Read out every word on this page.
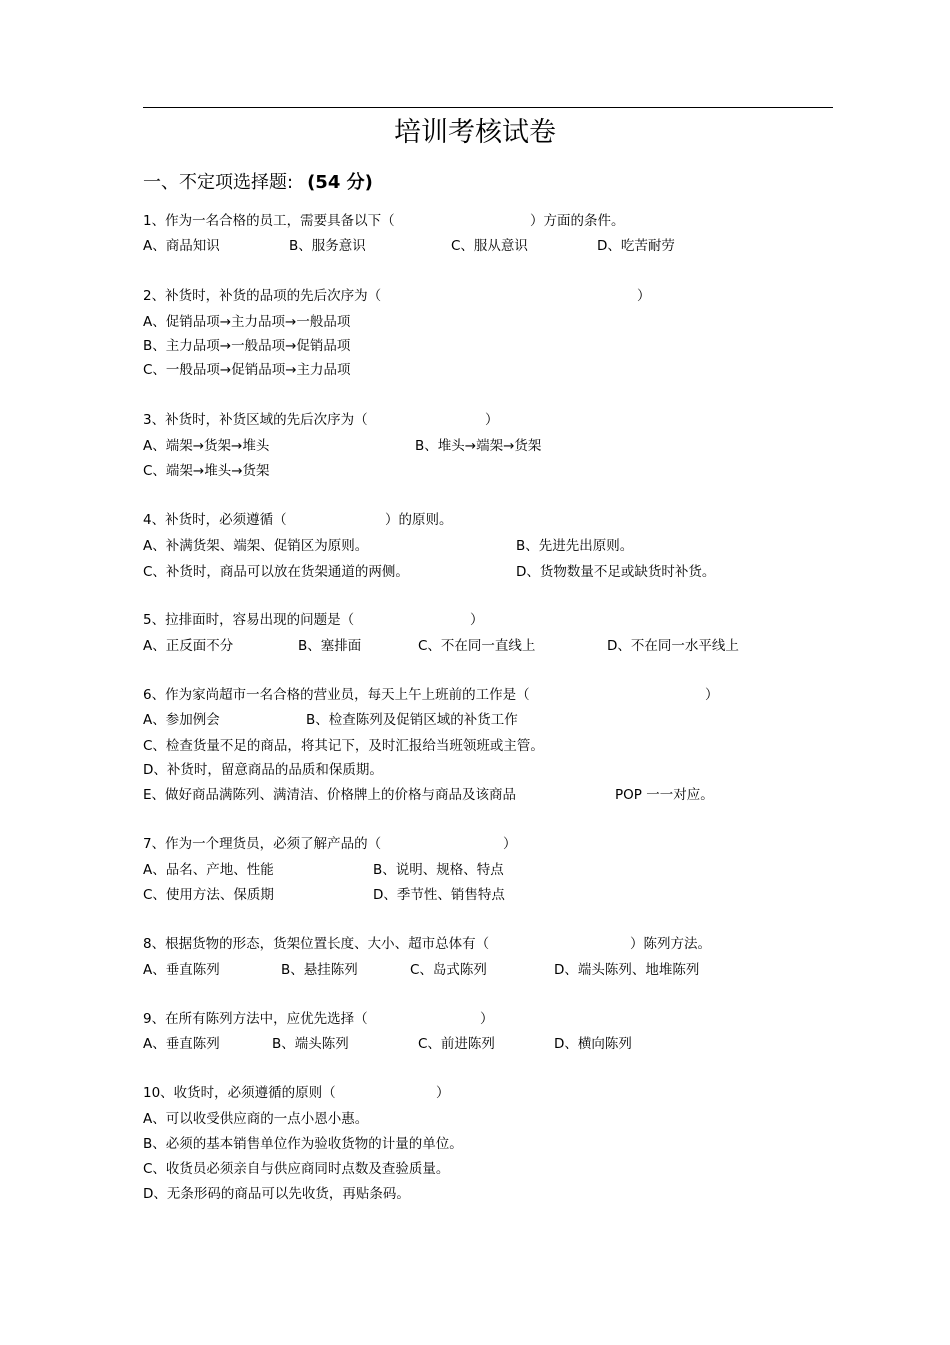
培训考核试卷
一、不定项选择题: (54 分)
1、作为一名合格的员工，需要具备以下（	）方面的条件。
A、商品知识	B、服务意识	C、服从意识	D、吃苦耐劳
2、补货时，补货的品项的先后次序为（	）
A、促销品项→主力品项→一般品项
B、主力品项→一般品项→促销品项
C、一般品项→促销品项→主力品项
3、补货时，补货区域的先后次序为（	）
A、端架→货架→堆头	B、堆头→端架→货架
C、端架→堆头→货架
4、补货时，必须遵循（	）的原则。
A、补满货架、端架、促销区为原则。	B、先进先出原则。
C、补货时，商品可以放在货架通道的两侧。	D、货物数量不足或缺货时补货。
5、拉排面时，容易出现的问题是（	）
A、正反面不分	B、塞排面	C、不在同一直线上	D、不在同一水平线上
6、作为家尚超市一名合格的营业员，每天上午上班前的工作是（	）
A、参加例会	B、检查陈列及促销区域的补货工作
C、检查货量不足的商品，将其记下，及时汇报给当班领班或主管。
D、补货时，留意商品的品质和保质期。
E、做好商品满陈列、满清洁、价格牌上的价格与商品及该商品	POP 一一对应。
7、作为一个理货员，必须了解产品的（	）
A、品名、产地、性能	B、说明、规格、特点
C、使用方法、保质期	D、季节性、销售特点
8、根据货物的形态，货架位置长度、大小、超市总体有（	）陈列方法。
A、垂直陈列	B、悬挂陈列	C、岛式陈列	D、端头陈列、地堆陈列
9、在所有陈列方法中，应优先选择（	）
A、垂直陈列	B、端头陈列	C、前进陈列	D、横向陈列
10、收货时，必须遵循的原则（	）
A、可以收受供应商的一点小恩小惠。
B、必须的基本销售单位作为验收货物的计量的单位。
C、收货员必须亲自与供应商同时点数及查验质量。
D、无条形码的商品可以先收货，再贴条码。
